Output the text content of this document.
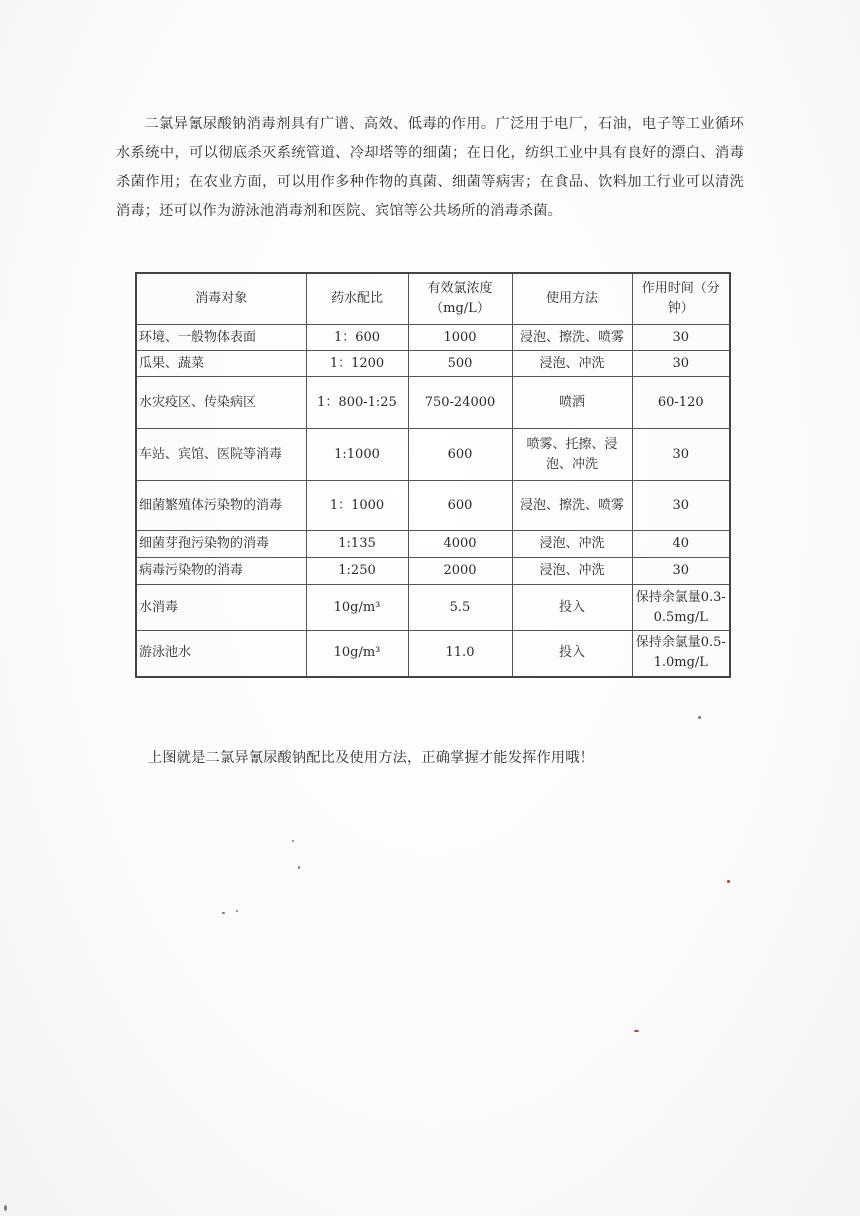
二氯异氰尿酸钠消毒剂具有广谱、高效、低毒的作用。广泛用于电厂，石油，电子等工业循环水系统中，可以彻底杀灭系统管道、冷却塔等的细菌；在日化，纺织工业中具有良好的漂白、消毒杀菌作用；在农业方面，可以用作多种作物的真菌、细菌等病害；在食品、饮料加工行业可以清洗消毒；还可以作为游泳池消毒剂和医院、宾馆等公共场所的消毒杀菌。

消毒对象	药水配比	有效氯浓度（mg/L）	使用方法	作用时间（分钟）
环境、一般物体表面	1：600	1000	浸泡、擦洗、喷雾	30
瓜果、蔬菜	1：1200	500	浸泡、冲洗	30
水灾疫区、传染病区	1：800-1:25	750-24000	喷洒	60-120
车站、宾馆、医院等消毒	1:1000	600	喷雾、托擦、浸泡、冲洗	30
细菌繁殖体污染物的消毒	1：1000	600	浸泡、擦洗、喷雾	30
细菌芽孢污染物的消毒	1:135	4000	浸泡、冲洗	40
病毒污染物的消毒	1:250	2000	浸泡、冲洗	30
水消毒	10g/m³	5.5	投入	保持余氯量0.3-0.5mg/L
游泳池水	10g/m³	11.0	投入	保持余氯量0.5-1.0mg/L

上图就是二氯异氰尿酸钠配比及使用方法，正确掌握才能发挥作用哦！
